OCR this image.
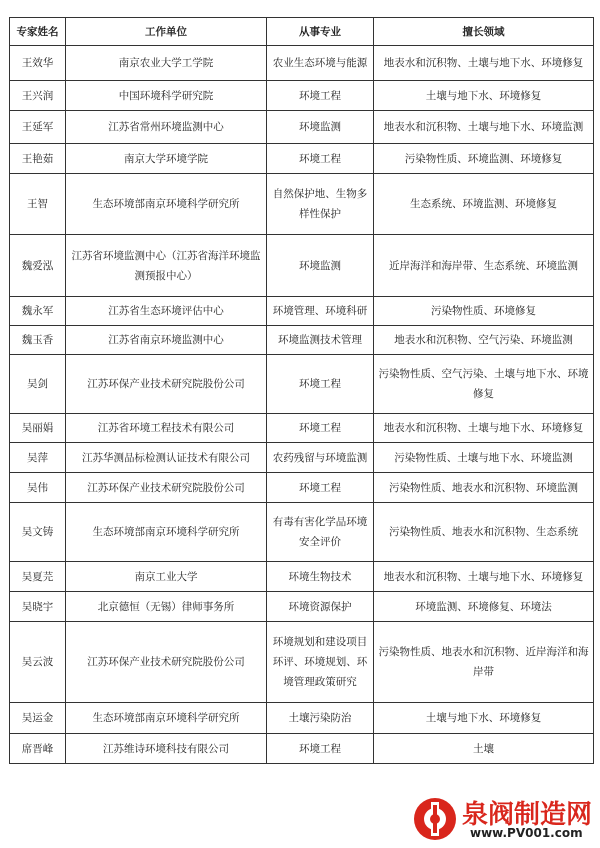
专家姓名	工作单位	从事专业	擅长领域
王效华	南京农业大学工学院	农业生态环境与能源	地表水和沉积物、土壤与地下水、环境修复
王兴润	中国环境科学研究院	环境工程	土壤与地下水、环境修复
王延军	江苏省常州环境监测中心	环境监测	地表水和沉积物、土壤与地下水、环境监测
王艳茹	南京大学环境学院	环境工程	污染物性质、环境监测、环境修复
王智	生态环境部南京环境科学研究所	自然保护地、生物多样性保护	生态系统、环境监测、环境修复
魏爱泓	江苏省环境监测中心（江苏省海洋环境监测预报中心）	环境监测	近岸海洋和海岸带、生态系统、环境监测
魏永军	江苏省生态环境评估中心	环境管理、环境科研	污染物性质、环境修复
魏玉香	江苏省南京环境监测中心	环境监测技术管理	地表水和沉积物、空气污染、环境监测
吴剑	江苏环保产业技术研究院股份公司	环境工程	污染物性质、空气污染、土壤与地下水、环境修复
吴丽娟	江苏省环境工程技术有限公司	环境工程	地表水和沉积物、土壤与地下水、环境修复
吴萍	江苏华测品标检测认证技术有限公司	农药残留与环境监测	污染物性质、土壤与地下水、环境监测
吴伟	江苏环保产业技术研究院股份公司	环境工程	污染物性质、地表水和沉积物、环境监测
吴文铸	生态环境部南京环境科学研究所	有毒有害化学品环境安全评价	污染物性质、地表水和沉积物、生态系统
吴夏芫	南京工业大学	环境生物技术	地表水和沉积物、土壤与地下水、环境修复
吴晓宇	北京德恒（无锡）律师事务所	环境资源保护	环境监测、环境修复、环境法
吴云波	江苏环保产业技术研究院股份公司	环境规划和建设项目环评、环境规划、环境管理政策研究	污染物性质、地表水和沉积物、近岸海洋和海岸带
吴运金	生态环境部南京环境科学研究所	土壤污染防治	土壤与地下水、环境修复
席晋峰	江苏维诗环境科技有限公司	环境工程	土壤
泉阀制造网
www.PV001.com
